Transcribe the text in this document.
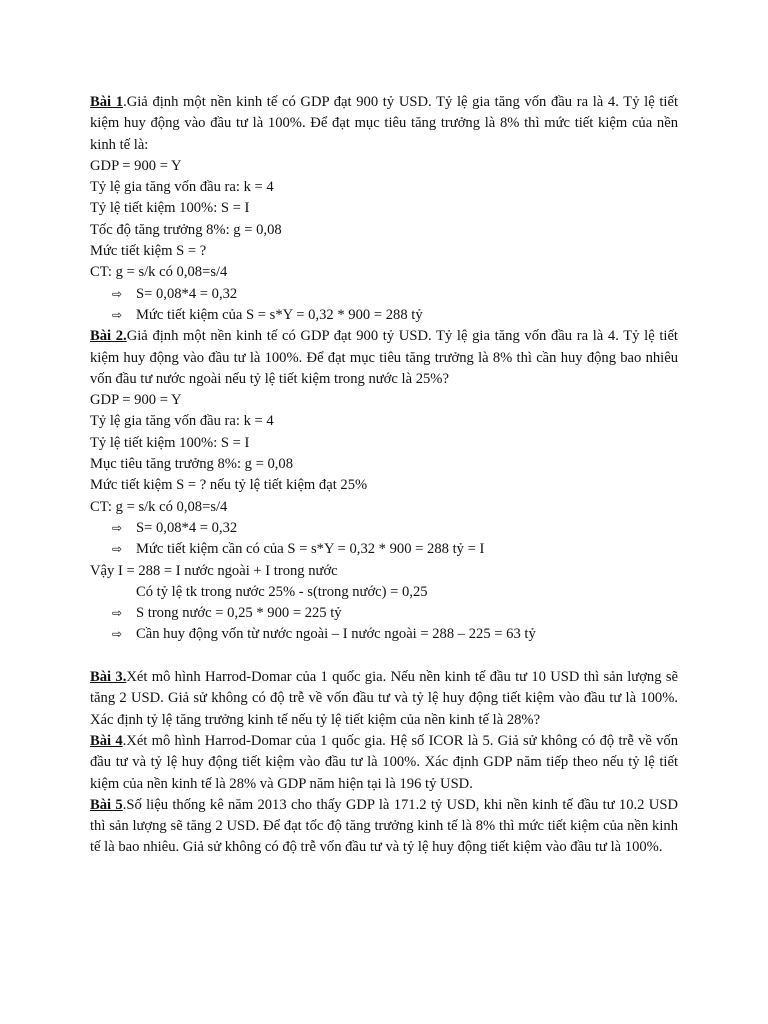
Bài 1.Giả định một nền kinh tế có GDP đạt 900 tỷ USD. Tỷ lệ gia tăng vốn đầu ra là 4. Tỷ lệ tiết kiệm huy động vào đầu tư là 100%. Để đạt mục tiêu tăng trưởng là 8% thì mức tiết kiệm của nền kinh tế là:

GDP = 900 = Y
Tỷ lệ gia tăng vốn đầu ra: k = 4
Tỷ lệ tiết kiệm 100%: S = I
Tốc độ tăng trưởng 8%: g = 0,08
Mức tiết kiệm S = ?
CT: g = s/k có 0,08=s/4
⇨ S= 0,08*4 = 0,32
⇨ Mức tiết kiệm của S = s*Y = 0,32 * 900 = 288 tỷ

Bài 2.Giả định một nền kinh tế có GDP đạt 900 tỷ USD. Tỷ lệ gia tăng vốn đầu ra là 4. Tỷ lệ tiết kiệm huy động vào đầu tư là 100%. Để đạt mục tiêu tăng trưởng là 8% thì cần huy động bao nhiêu vốn đầu tư nước ngoài nếu tỷ lệ tiết kiệm trong nước là 25%?

GDP = 900 = Y
Tỷ lệ gia tăng vốn đầu ra: k = 4
Tỷ lệ tiết kiệm 100%: S = I
Mục tiêu tăng trưởng 8%: g = 0,08
Mức tiết kiệm S = ? nếu tỷ lệ tiết kiệm đạt 25%
CT: g = s/k có 0,08=s/4
⇨ S= 0,08*4 = 0,32
⇨ Mức tiết kiệm cần có của S = s*Y = 0,32 * 900 = 288 tỷ = I
Vậy I = 288 = I nước ngoài + I trong nước
Có tỷ lệ tk trong nước 25% - s(trong nước) = 0,25
⇨ S trong nước = 0,25 * 900 = 225 tỷ
⇨ Cần huy động vốn từ nước ngoài – I nước ngoài = 288 – 225 = 63 tỷ

Bài 3.Xét mô hình Harrod-Domar của 1 quốc gia. Nếu nền kinh tế đầu tư 10 USD thì sản lượng sẽ tăng 2 USD. Giả sử không có độ trễ về vốn đầu tư và tỷ lệ huy động tiết kiệm vào đầu tư là 100%. Xác định tỷ lệ tăng trưởng kinh tế nếu tỷ lệ tiết kiệm của nền kinh tế là 28%?

Bài 4.Xét mô hình Harrod-Domar của 1 quốc gia. Hệ số ICOR là 5. Giả sử không có độ trễ về vốn đầu tư và tỷ lệ huy động tiết kiệm vào đầu tư là 100%. Xác định GDP năm tiếp theo nếu tỷ lệ tiết kiệm của nền kinh tế là 28% và GDP năm hiện tại là 196 tỷ USD.

Bài 5.Số liệu thống kê năm 2013 cho thấy GDP là 171.2 tỷ USD, khi nền kinh tế đầu tư 10.2 USD thì sản lượng sẽ tăng 2 USD. Để đạt tốc độ tăng trưởng kinh tế là 8% thì mức tiết kiệm của nền kinh tế là bao nhiêu. Giả sử không có độ trễ vốn đầu tư và tỷ lệ huy động tiết kiệm vào đầu tư là 100%.
